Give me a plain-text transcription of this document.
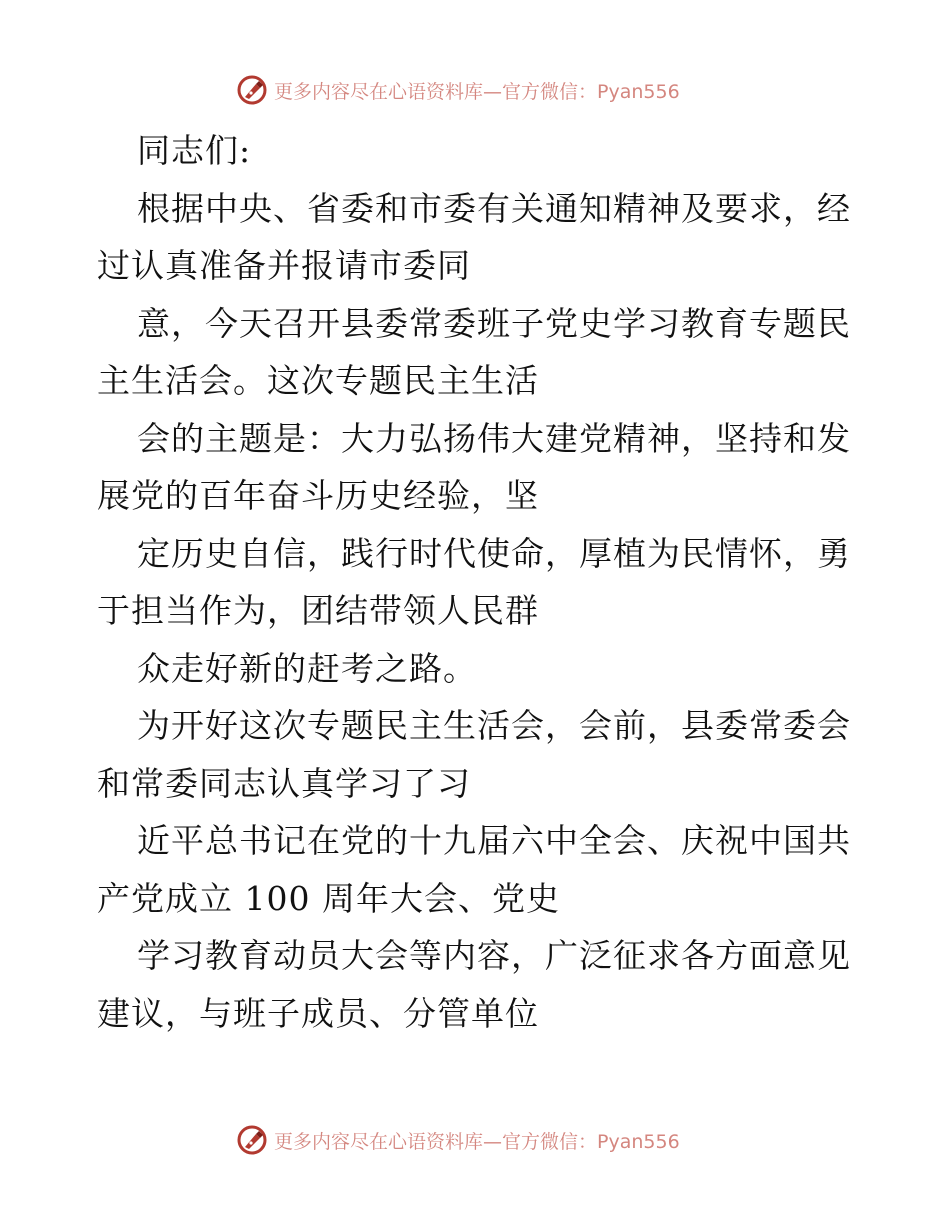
更多内容尽在心语资料库—官方微信：Pyan556
同志们:
根据中央、省委和市委有关通知精神及要求，经
过认真准备并报请市委同
意，今天召开县委常委班子党史学习教育专题民
主生活会。这次专题民主生活
会的主题是：大力弘扬伟大建党精神，坚持和发
展党的百年奋斗历史经验，坚
定历史自信，践行时代使命，厚植为民情怀，勇
于担当作为，团结带领人民群
众走好新的赶考之路。
为开好这次专题民主生活会，会前，县委常委会
和常委同志认真学习了习
近平总书记在党的十九届六中全会、庆祝中国共
产党成立 100 周年大会、党史
学习教育动员大会等内容，广泛征求各方面意见
建议，与班子成员、分管单位
更多内容尽在心语资料库—官方微信：Pyan556
